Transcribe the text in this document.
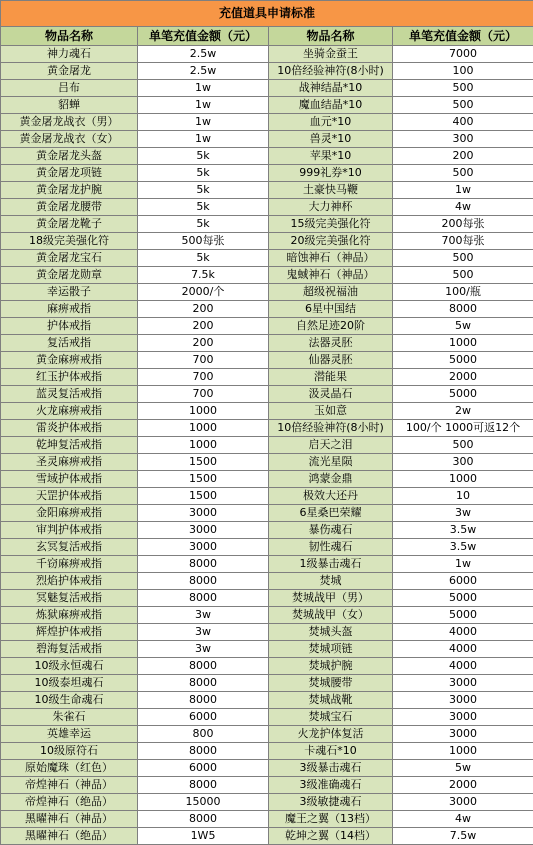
充值道具申请标准			
物品名称	单笔充值金额（元）	物品名称	单笔充值金额（元）
神力魂石	2.5w	坐骑金蚕王	7000
黄金屠龙	2.5w	10倍经验神符(8小时)	100
吕布	1w	战神结晶*10	500
貂蝉	1w	魔血结晶*10	500
黄金屠龙战衣（男）	1w	血元*10	400
黄金屠龙战衣（女）	1w	兽灵*10	300
黄金屠龙头盔	5k	苹果*10	200
黄金屠龙项链	5k	999礼券*10	500
黄金屠龙护腕	5k	土豪快马鞭	1w
黄金屠龙腰带	5k	大力神杯	4w
黄金屠龙靴子	5k	15级完美强化符	200每张
18级完美强化符	500每张	20级完美强化符	700每张
黄金屠龙宝石	5k	暗蚀神石（神品）	500
黄金屠龙勋章	7.5k	鬼蜮神石（神品）	500
幸运骰子	2000/个	超级祝福油	100/瓶
麻痹戒指	200	6星中国结	8000
护体戒指	200	自然足迹20阶	5w
复活戒指	200	法器灵胚	1000
黄金麻痹戒指	700	仙器灵胚	5000
红玉护体戒指	700	潜能果	2000
蓝灵复活戒指	700	汲灵晶石	5000
火龙麻痹戒指	1000	玉如意	2w
雷炎护体戒指	1000	10倍经验神符(8小时)	100/个 1000可返12个
乾坤复活戒指	1000	启天之泪	500
圣灵麻痹戒指	1500	流光星陨	300
雪域护体戒指	1500	鸿蒙金鼎	1000
天罡护体戒指	1500	极效大还丹	10
金阳麻痹戒指	3000	6星桑巴荣耀	3w
审判护体戒指	3000	暴伤魂石	3.5w
玄冥复活戒指	3000	韧性魂石	3.5w
千窃麻痹戒指	8000	1级暴击魂石	1w
烈焰护体戒指	8000	焚城	6000
冥魅复活戒指	8000	焚城战甲（男）	5000
炼狱麻痹戒指	3w	焚城战甲（女）	5000
辉煌护体戒指	3w	焚城头盔	4000
碧海复活戒指	3w	焚城项链	4000
10级永恒魂石	8000	焚城护腕	4000
10级泰坦魂石	8000	焚城腰带	3000
10级生命魂石	8000	焚城战靴	3000
朱雀石	6000	焚城宝石	3000
英雄幸运	800	火龙护体复活	3000
10级原符石	8000	卡魂石*10	1000
原始魔珠（红色）	6000	3级暴击魂石	5w
帝煌神石（神品）	8000	3级准确魂石	2000
帝煌神石（绝品）	15000	3级敏捷魂石	3000
黑曜神石（神品）	8000	魔王之翼（13档）	4w
黑曜神石（绝品）	1W5	乾坤之翼（14档）	7.5w
